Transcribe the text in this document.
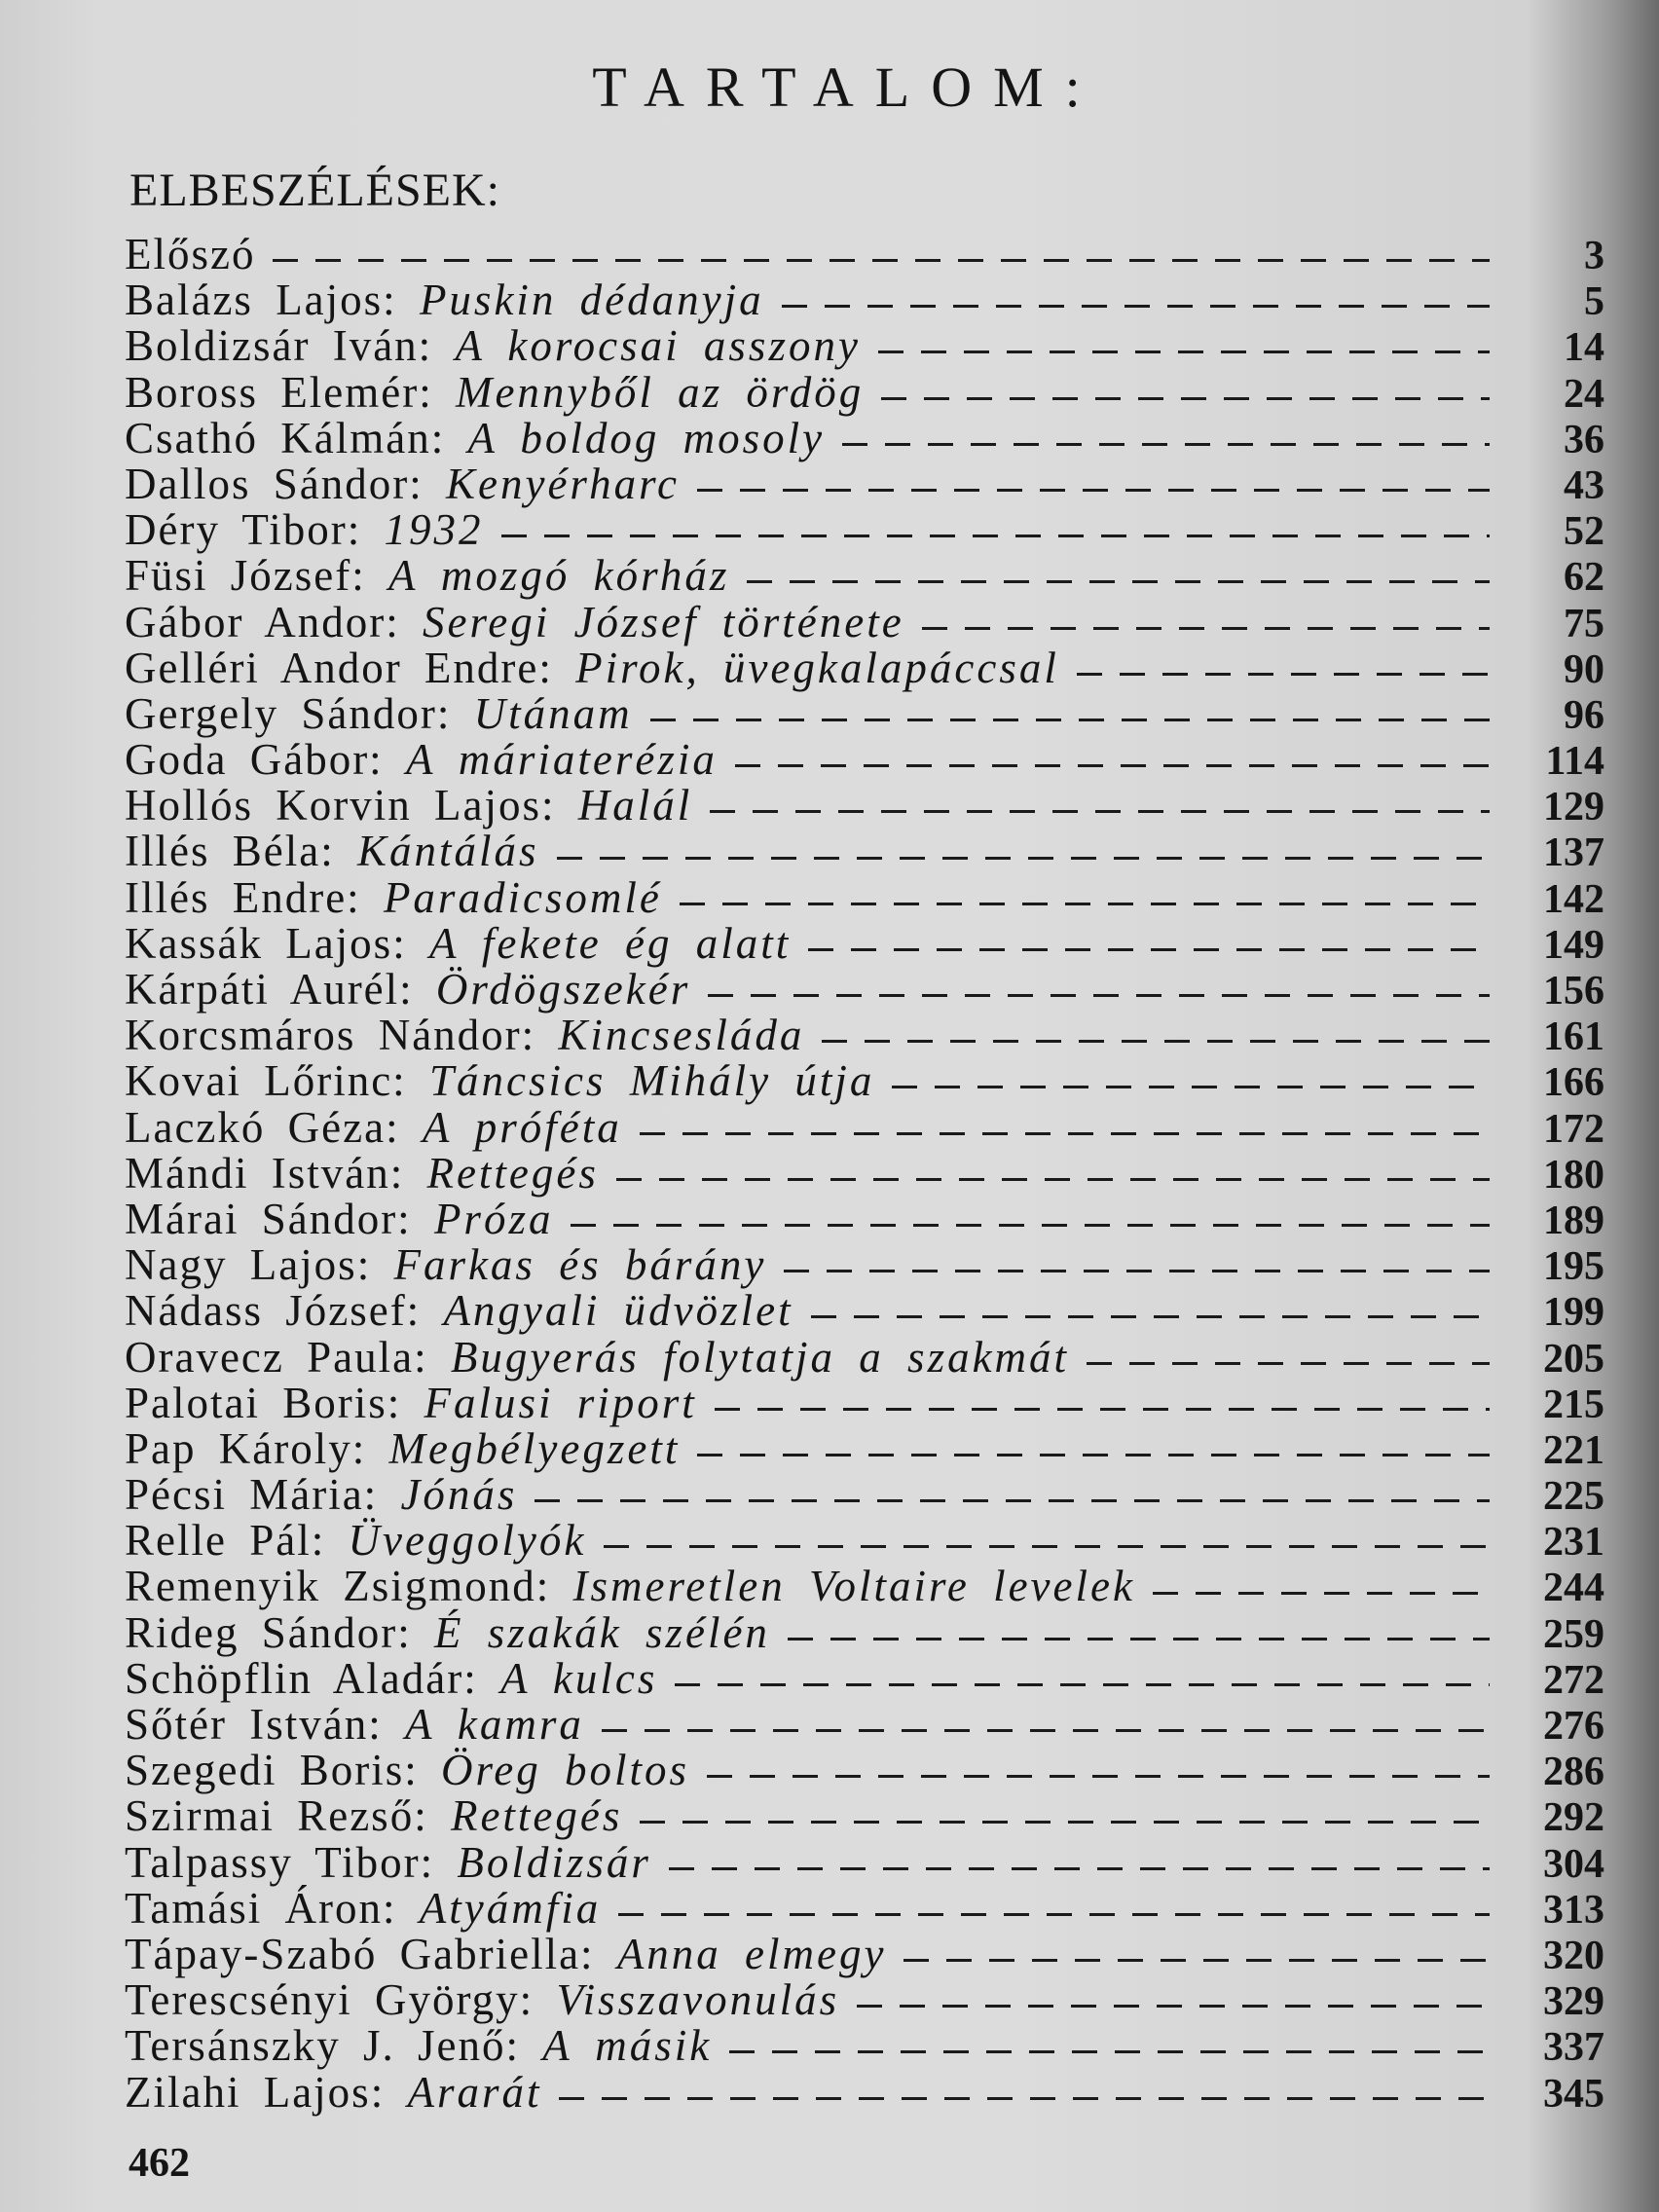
TARTALOM:
ELBESZÉLÉSEK:
Előszó	3
Balázs Lajos: Puskin dédanyja	5
Boldizsár Iván: A korocsai asszony	14
Boross Elemér: Mennyből az ördög	24
Csathó Kálmán: A boldog mosoly	36
Dallos Sándor: Kenyérharc	43
Déry Tibor: 1932	52
Füsi József: A mozgó kórház	62
Gábor Andor: Seregi József története	75
Gelléri Andor Endre: Pirok, üvegkalapáccsal	90
Gergely Sándor: Utánam	96
Goda Gábor: A máriaterézia	114
Hollós Korvin Lajos: Halál	129
Illés Béla: Kántálás	137
Illés Endre: Paradicsomlé	142
Kassák Lajos: A fekete ég alatt	149
Kárpáti Aurél: Ördögszekér	156
Korcsmáros Nándor: Kincsesláda	161
Kovai Lőrinc: Táncsics Mihály útja	166
Laczkó Géza: A próféta	172
Mándi István: Rettegés	180
Márai Sándor: Próza	189
Nagy Lajos: Farkas és bárány	195
Nádass József: Angyali üdvözlet	199
Oravecz Paula: Bugyerás folytatja a szakmát	205
Palotai Boris: Falusi riport	215
Pap Károly: Megbélyegzett	221
Pécsi Mária: Jónás	225
Relle Pál: Üveggolyók	231
Remenyik Zsigmond: Ismeretlen Voltaire levelek	244
Rideg Sándor: É szakák szélén	259
Schöpflin Aladár: A kulcs	272
Sőtér István: A kamra	276
Szegedi Boris: Öreg boltos	286
Szirmai Rezső: Rettegés	292
Talpassy Tibor: Boldizsár	304
Tamási Áron: Atyámfia	313
Tápay-Szabó Gabriella: Anna elmegy	320
Terescsényi György: Visszavonulás	329
Tersánszky J. Jenő: A másik	337
Zilahi Lajos: Ararát	345
462
